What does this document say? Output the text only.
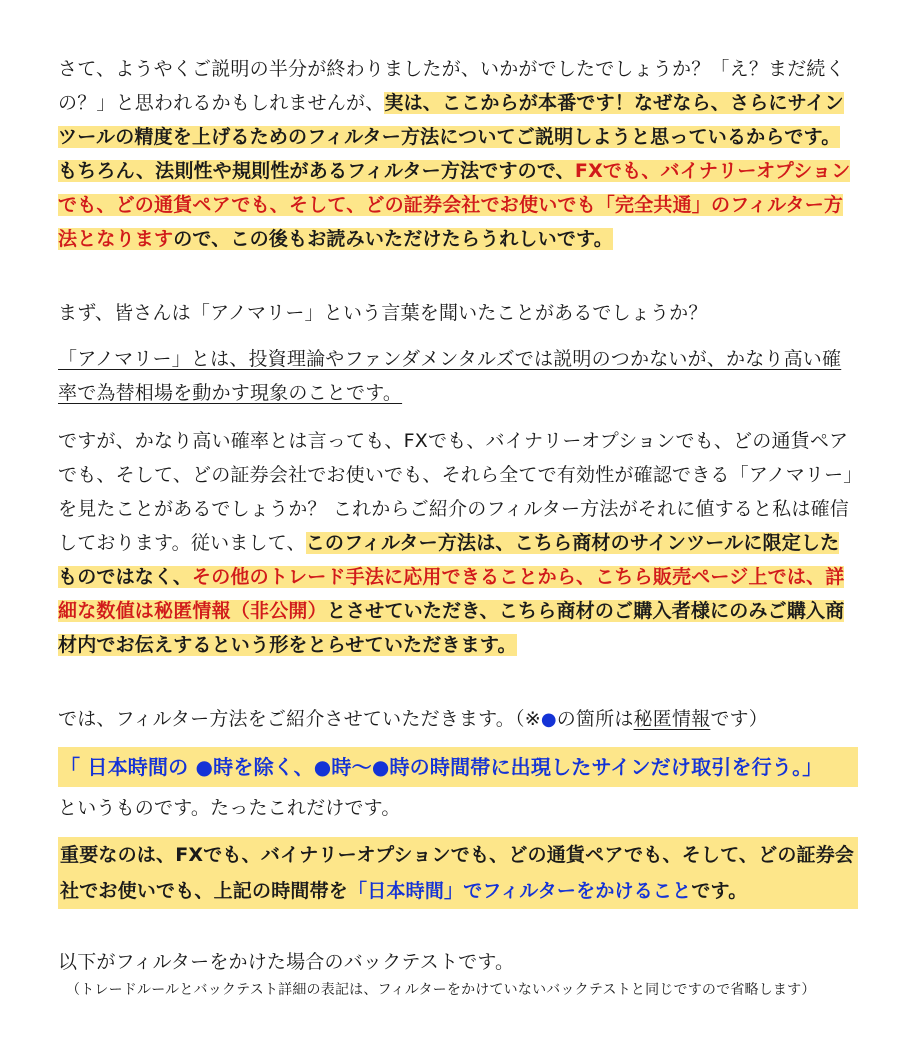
さて、ようやくご説明の半分が終わりましたが、いかがでしたでしょうか？「え？まだ続くの？」と思われるかもしれませんが、実は、ここからが本番です！なぜなら、さらにサインツールの精度を上げるためのフィルター方法についてご説明しようと思っているからです。もちろん、法則性や規則性があるフィルター方法ですので、FXでも、バイナリーオプションでも、どの通貨ペアでも、そして、どの証券会社でお使いでも「完全共通」のフィルター方法となりますので、この後もお読みいただけたらうれしいです。

まず、皆さんは「アノマリー」という言葉を聞いたことがあるでしょうか？

「アノマリー」とは、投資理論やファンダメンタルズでは説明のつかないが、かなり高い確率で為替相場を動かす現象のことです。

ですが、かなり高い確率とは言っても、FXでも、バイナリーオプションでも、どの通貨ペアでも、そして、どの証券会社でお使いでも、それら全てで有効性が確認できる「アノマリー」を見たことがあるでしょうか？ これからご紹介のフィルター方法がそれに値すると私は確信しております。従いまして、このフィルター方法は、こちら商材のサインツールに限定したものではなく、その他のトレード手法に応用できることから、こちら販売ページ上では、詳細な数値は秘匿情報（非公開）とさせていただき、こちら商材のご購入者様にのみご購入商材内でお伝えするという形をとらせていただきます。

では、フィルター方法をご紹介させていただきます。（※●の箇所は秘匿情報です）

「 日本時間の ●時を除く、●時～●時の時間帯に出現したサインだけ取引を行う。」

というものです。たったこれだけです。

重要なのは、FXでも、バイナリーオプションでも、どの通貨ペアでも、そして、どの証券会社でお使いでも、上記の時間帯を「日本時間」でフィルターをかけることです。

以下がフィルターをかけた場合のバックテストです。

（トレードルールとバックテスト詳細の表記は、フィルターをかけていないバックテストと同じですので省略します）
